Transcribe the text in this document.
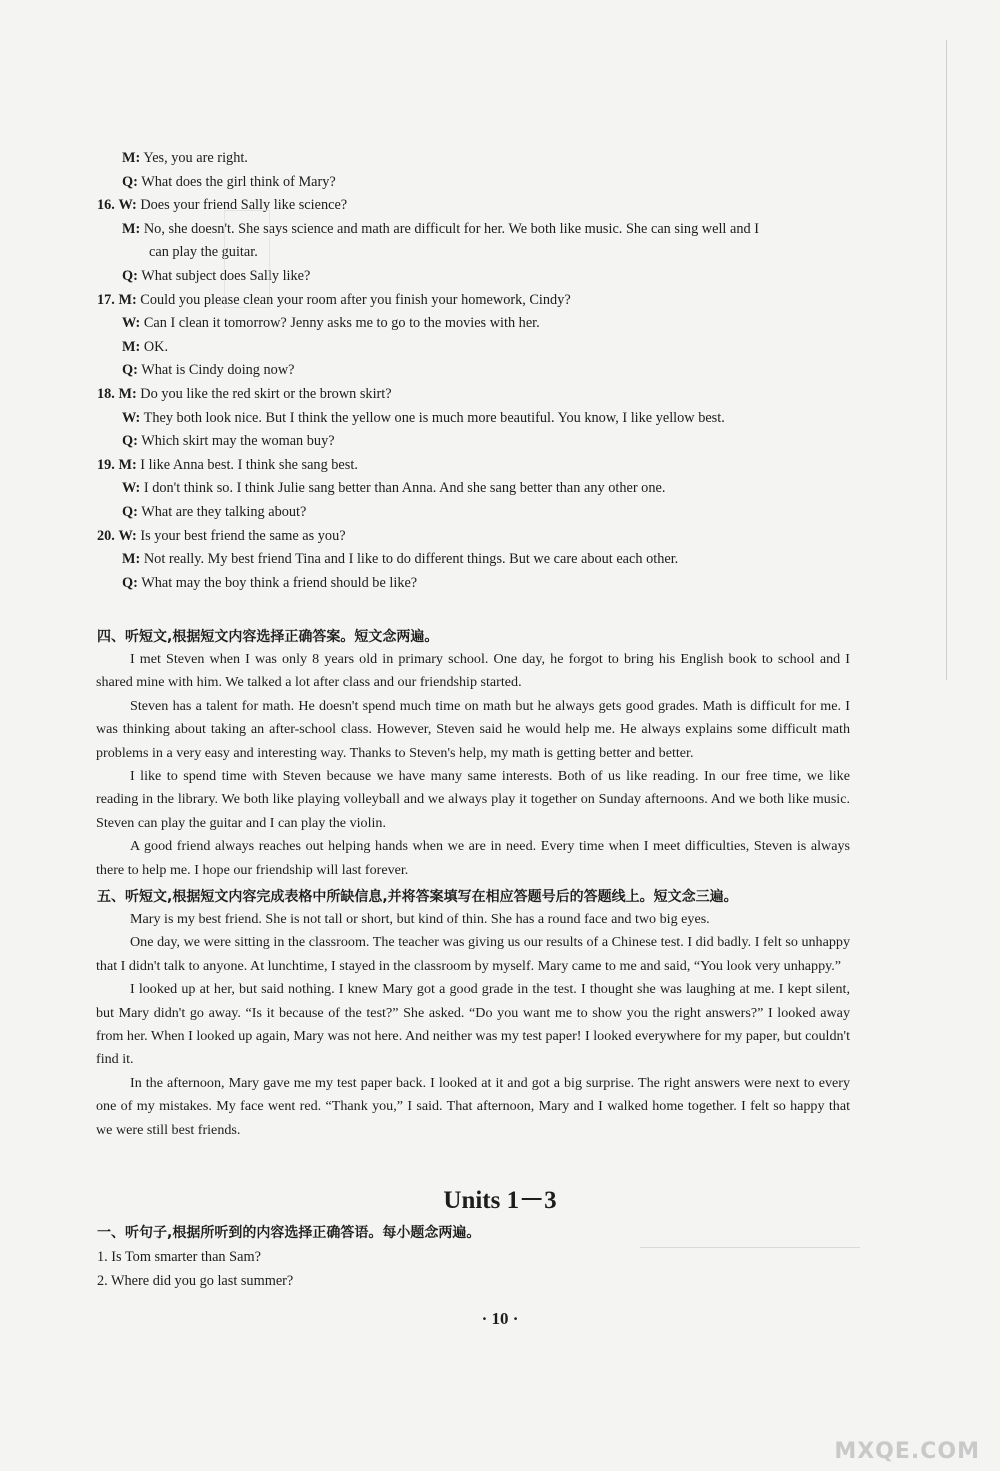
M: Yes, you are right.
Q: What does the girl think of Mary?
16. W: Does your friend Sally like science?
M: No, she doesn't. She says science and math are difficult for her. We both like music. She can sing well and I
can play the guitar.
Q: What subject does Sally like?
17. M: Could you please clean your room after you finish your homework, Cindy?
W: Can I clean it tomorrow? Jenny asks me to go to the movies with her.
M: OK.
Q: What is Cindy doing now?
18. M: Do you like the red skirt or the brown skirt?
W: They both look nice. But I think the yellow one is much more beautiful. You know, I like yellow best.
Q: Which skirt may the woman buy?
19. M: I like Anna best. I think she sang best.
W: I don't think so. I think Julie sang better than Anna. And she sang better than any other one.
Q: What are they talking about?
20. W: Is your best friend the same as you?
M: Not really. My best friend Tina and I like to do different things. But we care about each other.
Q: What may the boy think a friend should be like?
四、听短文,根据短文内容选择正确答案。短文念两遍。

I met Steven when I was only 8 years old in primary school. One day, he forgot to bring his English book to school and I shared mine with him. We talked a lot after class and our friendship started.

Steven has a talent for math. He doesn't spend much time on math but he always gets good grades. Math is difficult for me. I was thinking about taking an after-school class. However, Steven said he would help me. He always explains some difficult math problems in a very easy and interesting way. Thanks to Steven's help, my math is getting better and better.

I like to spend time with Steven because we have many same interests. Both of us like reading. In our free time, we like reading in the library. We both like playing volleyball and we always play it together on Sunday afternoons. And we both like music. Steven can play the guitar and I can play the violin.

A good friend always reaches out helping hands when we are in need. Every time when I meet difficulties, Steven is always there to help me. I hope our friendship will last forever.

五、听短文,根据短文内容完成表格中所缺信息,并将答案填写在相应答题号后的答题线上。短文念三遍。

Mary is my best friend. She is not tall or short, but kind of thin. She has a round face and two big eyes.

One day, we were sitting in the classroom. The teacher was giving us our results of a Chinese test. I did badly. I felt so unhappy that I didn't talk to anyone. At lunchtime, I stayed in the classroom by myself. Mary came to me and said, “You look very unhappy.”

I looked up at her, but said nothing. I knew Mary got a good grade in the test. I thought she was laughing at me. I kept silent, but Mary didn't go away. “Is it because of the test?” She asked. “Do you want me to show you the right answers?” I looked away from her. When I looked up again, Mary was not here. And neither was my test paper! I looked everywhere for my paper, but couldn't find it.

In the afternoon, Mary gave me my test paper back. I looked at it and got a big surprise. The right answers were next to every one of my mistakes. My face went red. “Thank you,” I said. That afternoon, Mary and I walked home together. I felt so happy that we were still best friends.

Units 1－3
一、听句子,根据所听到的内容选择正确答语。每小题念两遍。
1. Is Tom smarter than Sam?
2. Where did you go last summer?
· 10 ·
MXQE.COM
